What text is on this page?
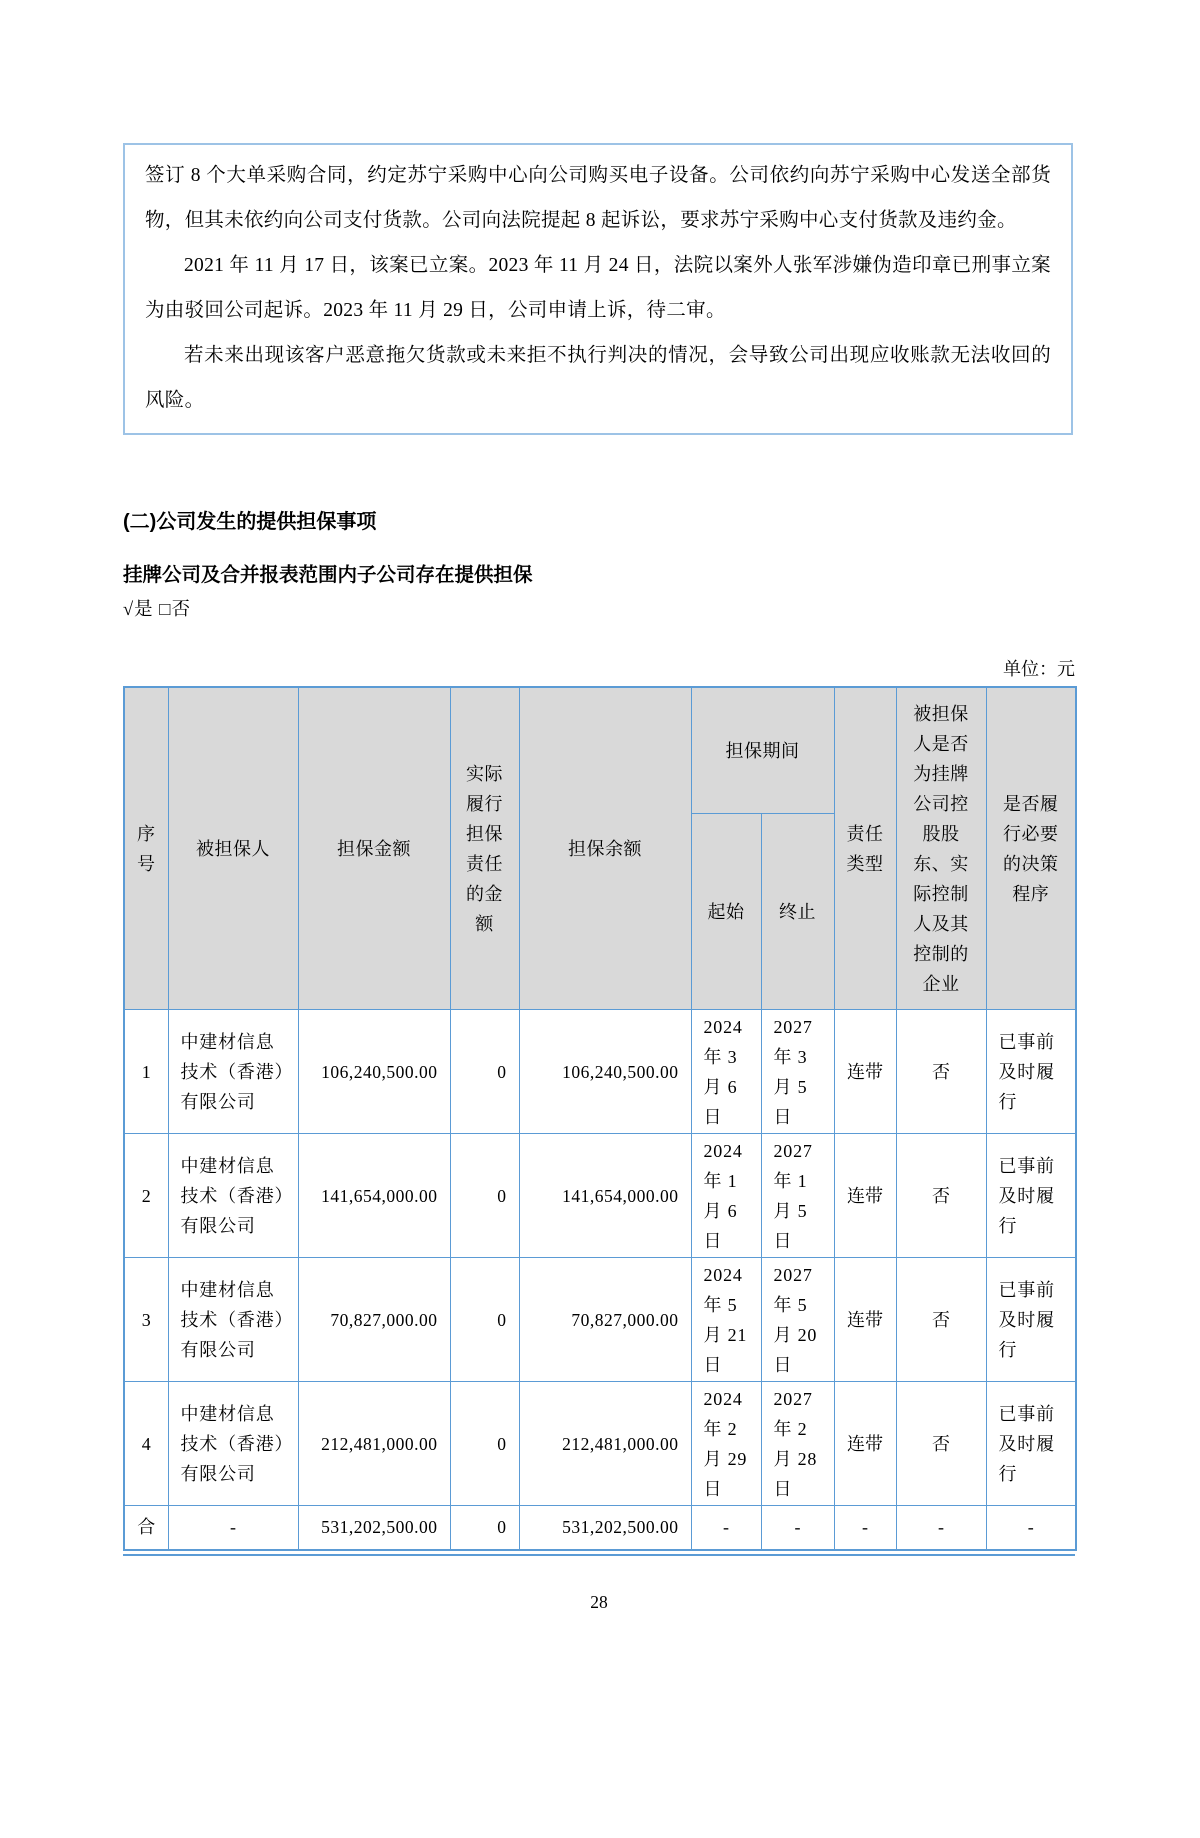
签订 8 个大单采购合同，约定苏宁采购中心向公司购买电子设备。公司依约向苏宁采购中心发送全部货物，但其未依约向公司支付货款。公司向法院提起 8 起诉讼，要求苏宁采购中心支付货款及违约金。

2021 年 11 月 17 日，该案已立案。2023 年 11 月 24 日，法院以案外人张军涉嫌伪造印章已刑事立案为由驳回公司起诉。2023 年 11 月 29 日，公司申请上诉，待二审。

若未来出现该客户恶意拖欠货款或未来拒不执行判决的情况，会导致公司出现应收账款无法收回的风险。

(二)公司发生的提供担保事项
挂牌公司及合并报表范围内子公司存在提供担保
√是 □否
单位：元
序号	被担保人	担保金额	实际履行担保责任的金额	担保余额	担保期间		责任类型	被担保人是否为挂牌公司控股股东、实际控制人及其控制的企业	是否履行必要的决策程序
					起始	终止			
1	中建材信息技术（香港）有限公司	106,240,500.00	0	106,240,500.00	2024 年 3 月 6 日	2027 年 3 月 5 日	连带	否	已事前及时履行
2	中建材信息技术（香港）有限公司	141,654,000.00	0	141,654,000.00	2024 年 1 月 6 日	2027 年 1 月 5 日	连带	否	已事前及时履行
3	中建材信息技术（香港）有限公司	70,827,000.00	0	70,827,000.00	2024 年 5 月 21 日	2027 年 5 月 20 日	连带	否	已事前及时履行
4	中建材信息技术（香港）有限公司	212,481,000.00	0	212,481,000.00	2024 年 2 月 29 日	2027 年 2 月 28 日	连带	否	已事前及时履行
合	-	531,202,500.00	0	531,202,500.00	-	-	-	-	-
28
